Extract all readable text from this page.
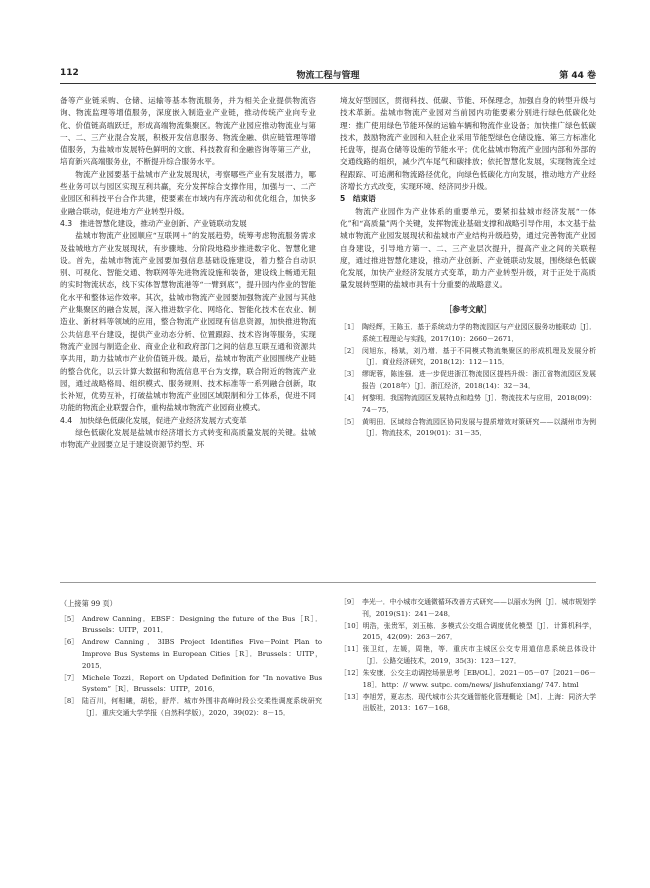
112	物流工程与管理	第 44 卷

备等产业链采购、仓储、运输等基本物流服务，并为相关企业提供物流咨询、物流监理等增值服务，深度嵌入制造业产业链，推动传统产业向专业化、价值链高端跃迁，形成高端物流集聚区。物流产业园应推动物流业与第一、二、三产业混合发展，积极开发信息服务、物流金融、供应链管理等增值服务，为盐城市发展特色鲜明的文旅、科技教育和金融咨询等第三产业，培育新兴高端服务业，不断提升综合服务水平。

物流产业园要基于盐城市产业发展现状，考察哪些产业有发展潜力，哪些业务可以与园区实现互利共赢，充分发挥综合支撑作用，加强与一、二产业园区和科技平台合作共建，使要素在市域内有序流动和优化组合，加快多业融合联动，促进地方产业转型升级。

4.3　推进智慧化建设，推动产业创新、产业链联动发展

盐城市物流产业园顺应“互联网＋”的发展趋势，统筹考虑物流服务需求及盐城地方产业发展现状，有步骤地、分阶段地稳步推进数字化、智慧化建设。首先，盐城市物流产业园要加强信息基础设施建设，着力整合自动识别、可视化、智能交通、物联网等先进物流设施和装备，建设线上畅通无阻的实时物流状态，线下实体智慧物流港等“一臂到底”，提升园内作业的智能化水平和整体运作效率。其次，盐城市物流产业园要加强物流产业园与其他产业集聚区的融合发展，深入推进数字化、网络化、智能化技术在农业、制造业、新材料等领域的应用，整合物流产业园现有信息资源，加快推进物流公共信息平台建设，提供产业动态分析、位置跟踪、技术咨询等服务，实现物流产业园与制造企业、商业企业和政府部门之间的信息互联互通和资源共享共用，助力盐城市产业价值链升级。最后，盐城市物流产业园围绕产业链的整合优化，以云计算大数据和物流信息平台为支撑，联合附近的物流产业园，通过战略格局、组织模式、服务规则、技术标准等一系列融合创新，取长补短，优势互补，打破盐城市物流产业园区域限制和分工体系，促进不同功能的物流企业联盟合作，重构盐城市物流产业园商业模式。

4.4　加快绿色低碳化发展，促进产业经济发展方式变革

绿色低碳化发展是盐城市经济增长方式转变和高质量发展的关键。盐城市物流产业园要立足于建设资源节约型、环

境友好型园区，贯彻科技、低碳、节能、环保理念，加强自身的转型升级与技术革新。盐城市物流产业园对当前园内功能要素分别进行绿色低碳化处理：推广使用绿色节能环保的运输车辆和物流作业设备；加快推广绿色低碳技术，鼓励物流产业园和入驻企业采用节能型绿色仓储设施、第三方标准化托盘等，提高仓储等设施的节能水平；优化盐城市物流产业园内部和外部的交通线路的组织，减少汽车尾气和碳排放；依托智慧化发展，实现物流全过程跟踪、可追溯和物流路径优化，向绿色低碳化方向发展，推动地方产业经济增长方式改变，实现环境、经济同步升级。

5　结束语

物流产业园作为产业体系的重要单元，要紧扣盐城市经济发展“一体化”和“高质量”两个关键，发挥物流业基础支撑和战略引导作用，本文基于盐城市物流产业园发展现状和盐城市产业结构升级趋势，通过完善物流产业园自身建设，引导地方第一、二、三产业层次提升，提高产业之间的关联程度，通过推进智慧化建设，推动产业创新、产业链联动发展，围绕绿色低碳化发展，加快产业经济发展方式变革，助力产业转型升级，对于正处于高质量发展转型期的盐城市具有十分重要的战略意义。

［参考文献］
［1］ 陶经辉，王陈玉．基于系统动力学的物流园区与产业园区服务功能联动［J］．系统工程理论与实践，2017(10)：2660－2671．
［2］ 闵旭东，杨斌，刘乃增．基于不同模式物流集聚区的形成机理及发展分析［J］．商业经济研究，2018(12)：112－115．
［3］ 缪昵蓉，陈连强．进一步促进浙江物流园区提档升级：浙江省物流园区发展报告（2018年）［J］．浙江经济，2018(14)：32－34．
［4］ 何黎明．我国物流园区发展特点和趋势［J］．物流技术与应用，2018(09)：74－75．
［5］ 黄明田．区域综合物流园区协同发展与提质增效对策研究——以湖州市为例［J］．物流技术，2019(01)：31－35．
（上接第 99 页）
［5］ Andrew Canning．EBSF：Designing the future of the Bus［R］．Brussels：UITP，2011．
［6］ Andrew Canning．3IBS Project Identifies Five－Point Plan to Improve Bus Systems in European Cities［R］．Brussels：UITP，2015．
［7］ Michele Tozzi．Report on Updated Definition for “In novative Bus System”［R］．Brussels：UITP，2016．
［8］ 陆百川，何相曦，胡松，舒芹．城市外围非高峰时段公交柔性调度系统研究［J］．重庆交通大学学报（自然科学版），2020，39(02)：8－15．
［9］ 李光一．中小城市交通微循环改善方式研究——以丽水为例［J］．城市规划学刊，2019(S1)：241－248．
［10］ 明浩，张贵军，刘玉栋．多模式公交组合调度优化模型［J］．计算机科学，2015，42(09)：263－267．
［11］ 张卫红，左媛，周艳，等．重庆市主城区公交专用道信息系统总体设计［J］．公路交通技术，2019，35(3)：123－127．
［12］ 朱安康．公交主动调控场景思考［EB/OL］．2021－05－07［2021－06－18］．http：// www. sutpc. com/news/ jishufenxiang/ 747. html
［13］ 李旭芳，夏志杰．现代城市公共交通智能化管理概论［M］．上海：同济大学出版社，2013：167－168．
